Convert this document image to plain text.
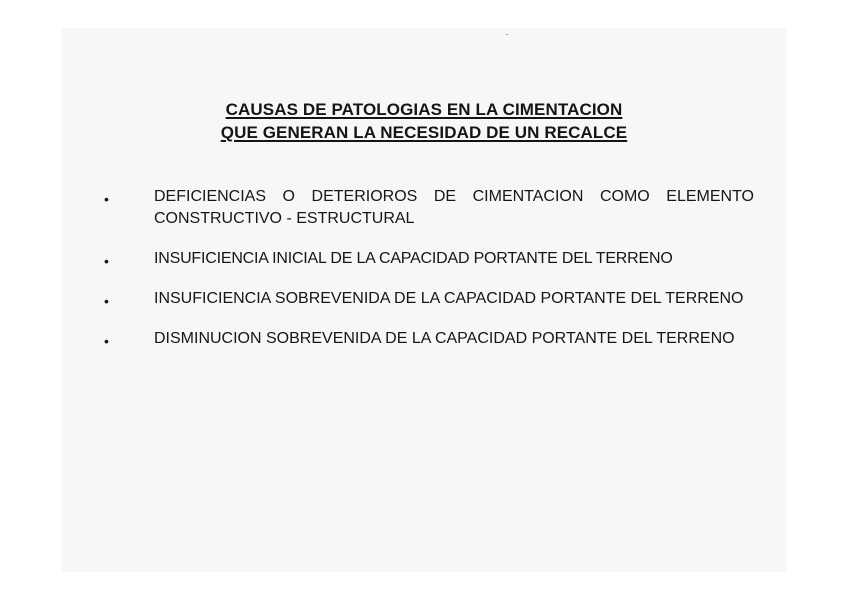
CAUSAS DE PATOLOGIAS EN LA CIMENTACION
QUE GENERAN LA NECESIDAD DE UN RECALCE
•	DEFICIENCIAS O DETERIOROS DE CIMENTACION COMO ELEMENTO CONSTRUCTIVO - ESTRUCTURAL
•	INSUFICIENCIA INICIAL DE LA CAPACIDAD PORTANTE DEL TERRENO
•	INSUFICIENCIA SOBREVENIDA DE LA CAPACIDAD PORTANTE DEL TERRENO
•	DISMINUCION SOBREVENIDA DE LA CAPACIDAD PORTANTE DEL TERRENO
